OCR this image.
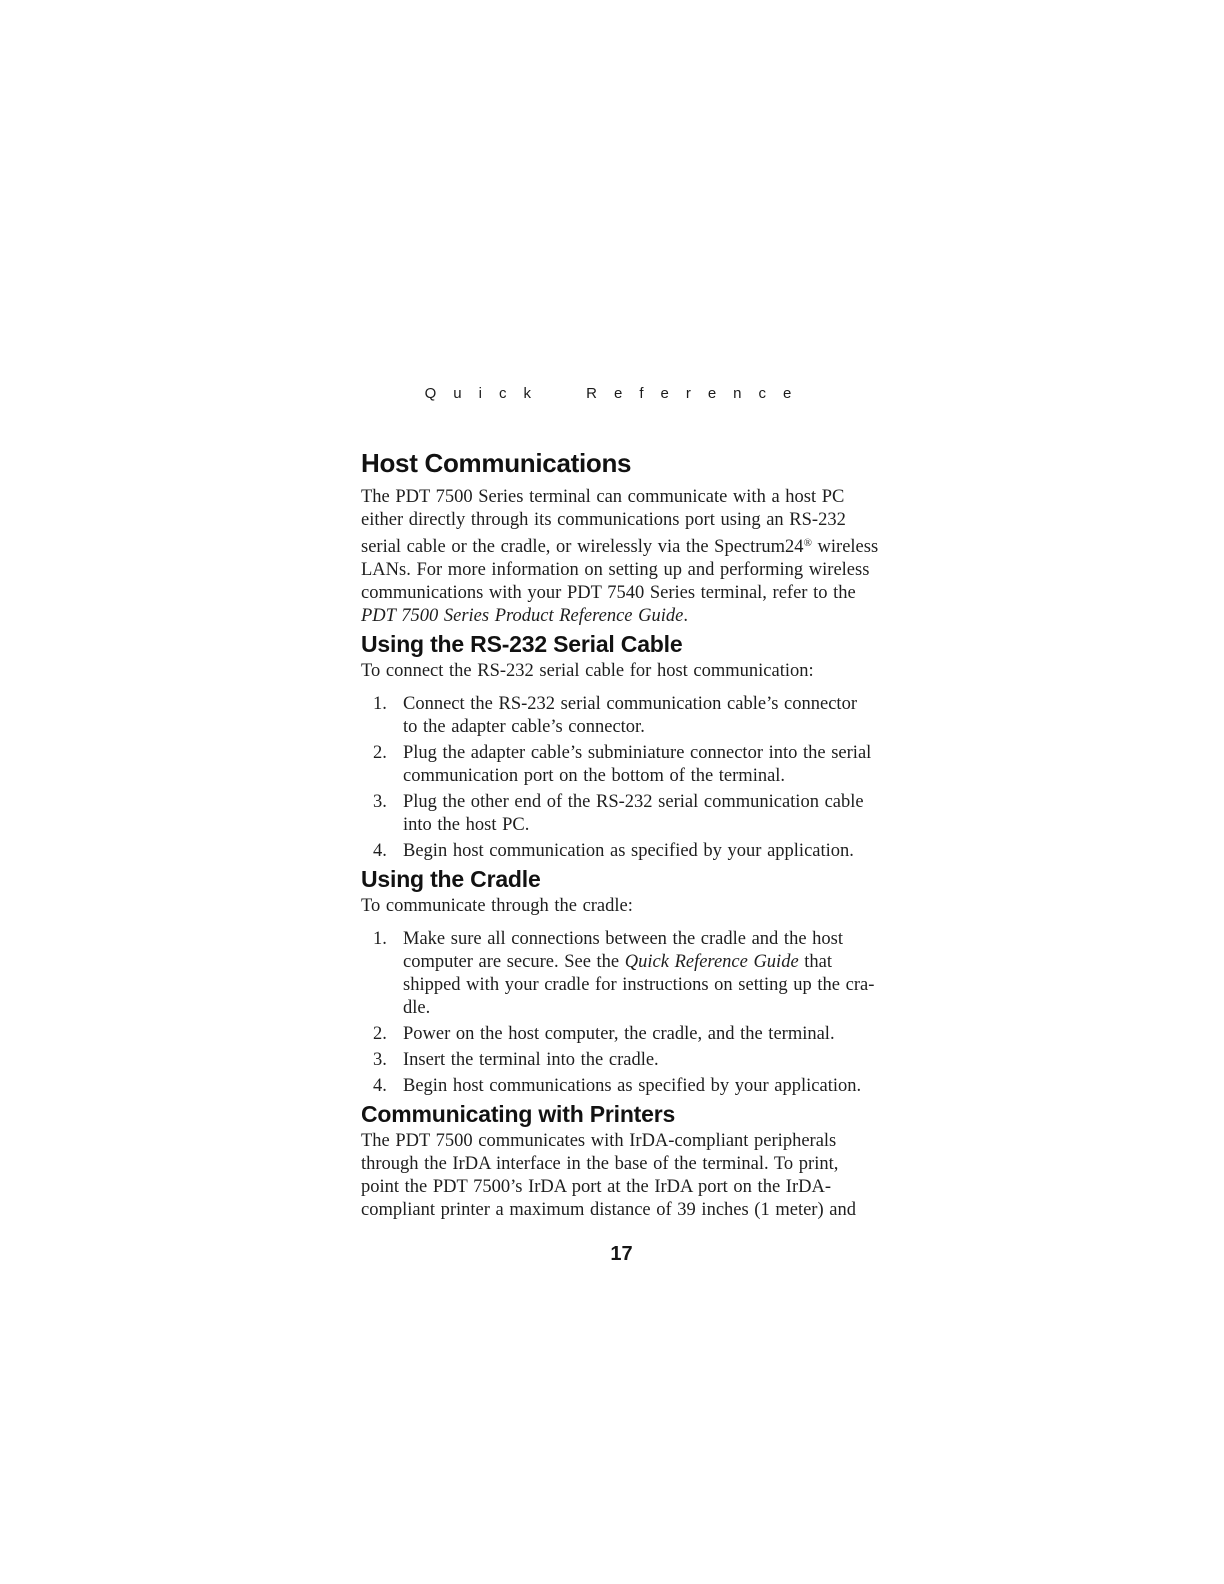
Quick Reference
Host Communications
The PDT 7500 Series terminal can communicate with a host PC
either directly through its communications port using an RS-232
serial cable or the cradle, or wirelessly via the Spectrum24® wireless
LANs. For more information on setting up and performing wireless
communications with your PDT 7540 Series terminal, refer to the
PDT 7500 Series Product Reference Guide.
Using the RS-232 Serial Cable
To connect the RS-232 serial cable for host communication:
1. Connect the RS-232 serial communication cable’s connector
to the adapter cable’s connector.
2. Plug the adapter cable’s subminiature connector into the serial
communication port on the bottom of the terminal.
3. Plug the other end of the RS-232 serial communication cable
into the host PC.
4. Begin host communication as specified by your application.
Using the Cradle
To communicate through the cradle:
1. Make sure all connections between the cradle and the host
computer are secure. See the Quick Reference Guide that
shipped with your cradle for instructions on setting up the cra-
dle.
2. Power on the host computer, the cradle, and the terminal.
3. Insert the terminal into the cradle.
4. Begin host communications as specified by your application.
Communicating with Printers
The PDT 7500 communicates with IrDA-compliant peripherals
through the IrDA interface in the base of the terminal. To print,
point the PDT 7500’s IrDA port at the IrDA port on the IrDA-
compliant printer a maximum distance of 39 inches (1 meter) and
17
